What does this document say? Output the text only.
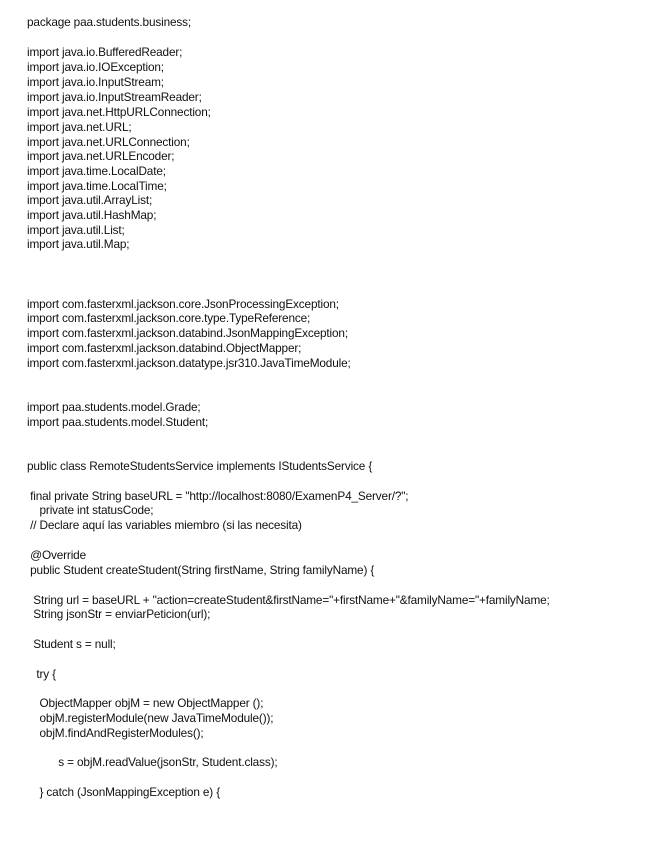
package paa.students.business;
import java.io.BufferedReader;
import java.io.IOException;
import java.io.InputStream;
import java.io.InputStreamReader;
import java.net.HttpURLConnection;
import java.net.URL;
import java.net.URLConnection;
import java.net.URLEncoder;
import java.time.LocalDate;
import java.time.LocalTime;
import java.util.ArrayList;
import java.util.HashMap;
import java.util.List;
import java.util.Map;
import com.fasterxml.jackson.core.JsonProcessingException;
import com.fasterxml.jackson.core.type.TypeReference;
import com.fasterxml.jackson.databind.JsonMappingException;
import com.fasterxml.jackson.databind.ObjectMapper;
import com.fasterxml.jackson.datatype.jsr310.JavaTimeModule;
import paa.students.model.Grade;
import paa.students.model.Student;
public class RemoteStudentsService implements IStudentsService {
final private String baseURL = "http://localhost:8080/ExamenP4_Server/?";
private int statusCode;
// Declare aquí las variables miembro (si las necesita)
@Override
public Student createStudent(String firstName, String familyName) {
String url = baseURL + "action=createStudent&firstName="+firstName+"&familyName="+familyName;
String jsonStr = enviarPeticion(url);
Student s = null;
try {
ObjectMapper objM = new ObjectMapper ();
objM.registerModule(new JavaTimeModule());
objM.findAndRegisterModules();
s = objM.readValue(jsonStr, Student.class);
} catch (JsonMappingException e) {
